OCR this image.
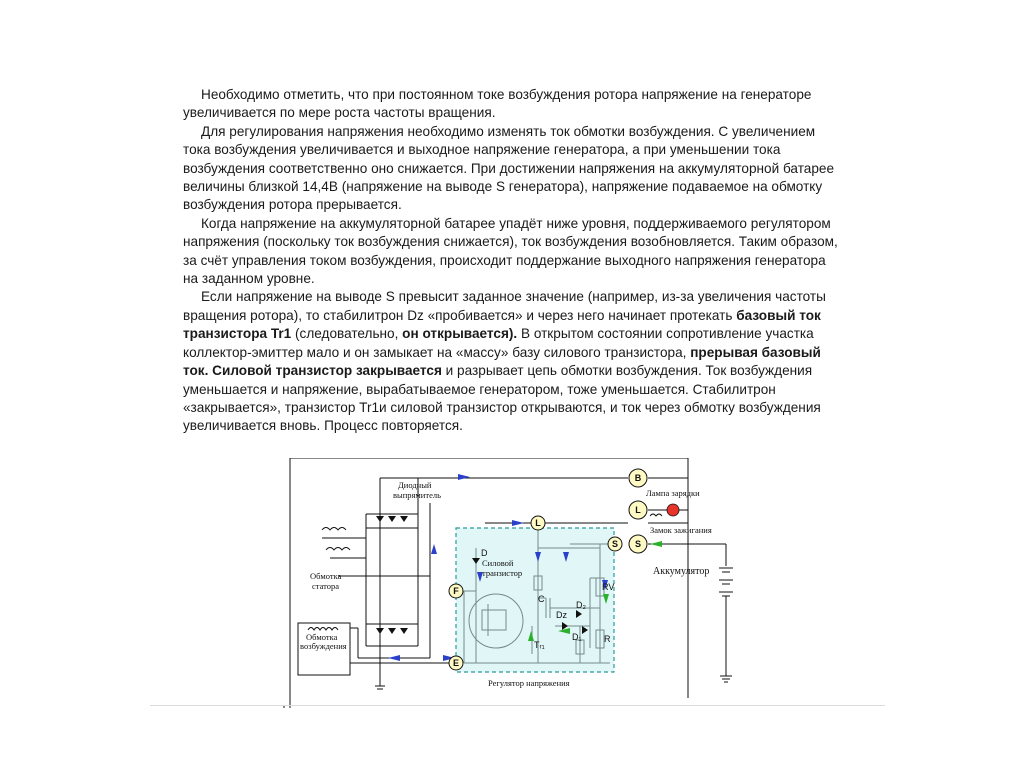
Необходимо отметить, что при постоянном токе возбуждения ротора напряжение на генераторе увеличивается по мере роста частоты вращения.

Для регулирования напряжения необходимо изменять ток обмотки возбуждения. С увеличением тока возбуждения увеличивается и выходное напряжение генератора, а при уменьшении тока возбуждения соответственно оно снижается. При достижении напряжения на аккумуляторной батарее величины близкой 14,4В (напряжение на выводе S генератора), напряжение подаваемое на обмотку возбуждения ротора прерывается.

Когда напряжение на аккумуляторной батарее упадёт ниже уровня, поддерживаемого регулятором напряжения (поскольку ток возбуждения снижается), ток возбуждения возобновляется. Таким образом, за счёт управления током возбуждения, происходит поддержание выходного напряжения генератора на заданном уровне.

Если напряжение на выводе S превысит заданное значение (например, из-за увеличения частоты вращения ротора), то стабилитрон Dz «пробивается» и через него начинает протекать базовый ток транзистора Tr1 (следовательно, он открывается). В открытом состоянии сопротивление участка коллектор-эмиттер мало и он замыкает на «массу» базу силового транзистора, прерывая базовый ток. Силовой транзистор закрывается и разрывает цепь обмотки возбуждения. Ток возбуждения уменьшается и напряжение, вырабатываемое генератором, тоже уменьшается. Стабилитрон «закрывается», транзистор Tr1и силовой транзистор открываются, и ток через обмотку возбуждения увеличивается вновь. Процесс повторяется.

B
L
S
S
L
F
E
Диодный
выпрямитель	Лампа зарядки
Замок зажигания
Аккумулятор
Обмотка
статора
Обмотка
возбуждения
Силовой
транзистор
Регулятор напряжения
D
C
Dz
D₂
D₁
Tᵣ₁
RV
R
